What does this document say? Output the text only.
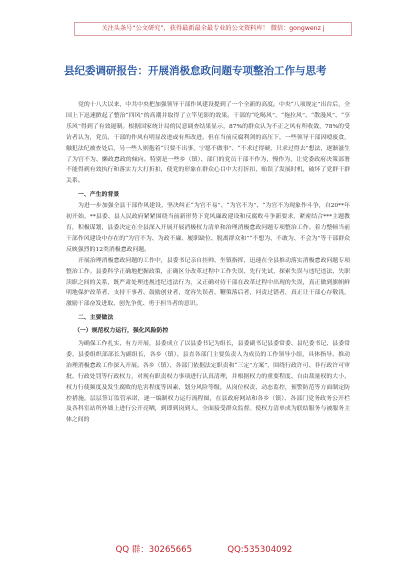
关注头条号“公文研究”，获得最新最全最专业的公文资料库！ 微信：gongwenz j
县纪委调研报告：开展消极怠政问题专项整治工作与思考

党的十八大以来，中共中央把加强领导干部作风建设提到了一个全新的高度。中央“八项规定”出台后，全国上下迅速掀起了整治“四风”的高潮并取得了立竿见影的效果。干部的“吃喝风”、“拖拉风”、“散漫风”、“享乐风”得到了有效遏制。根据国家统计局的民意调查结果显示，87%的群众认为不正之风有所收敛，78%的受访者认为，党员、干部的作风有明显改进或有所改进。但在当前反腐利剑的高压下，一些领导干部因噎废食，触犯法纪被查处后，另一些人则抱着“只要不出事，宁愿不做事”、“不求过得硬，只求过得去”想法，逐渐滋生了为官不为、懒政怠政的倾向。特别是一些乡（镇）、部门的党员干部不作为，慢作为，让党委政府决策部署不能得到有效执行和落实力大打折扣，使党的形象在群众心目中大打折扣，贻误了发展时机，破坏了党群干群关系。

一、产生的背景

为进一步加强全县干部作风建设，坚决纠正“为官不易”、“为官不为”、“为官不为现象作斗争，自20**年初开始，**县委、县人民政府紧紧围绕当前新形势下党风廉政建设和反腐败斗争新要求，紧密结合***主题教育，积极谋划，县委决定在全县深入开展开展消极权力清单和治理消极怠政问题专项整治工作。着力整顿当前干部作风建设中存在的“为官不为、为政不廉、履职缺位、脱离群众和”“不想为、不敢为、不会为”等干部群众反映强烈的12类消极怠政问题。

开展治理消极怠政问题的工作中，县委书记亲自挂帅、坐镇指挥，迅速在全县推动落实消极怠政问题专项整治工作。县委科学正确地把握政策，正确区分改革过程中工作失误、先行先试、探索失误与违纪违法、失职渎职之间的关系，既严肃处理违规违纪违法行为，又正确对待干部在改革过程中出现的失误，真正做到旗帜鲜明地保护改革者、支持干事者、鼓励创业者，宽容失误者、鞭策落后者，问责过错者，真正让干部心存敬畏，激励干部奋发进取、创先争优、勇于担当者的意识。

二、主要做法

（一）规范权力运行，强化风险防控

为确保工作扎实、有力开展，县委成立了以县委书记为组长，县委副书记县委常委、县纪委书记、县委常委、县委组织部部长为副组长，各乡（镇）、县直各部门主要负责人为成员的工作领导小组，具体指导、推动治理消极怠政工作深入开展。各乡（镇）、各部门依据法定职责和“三定”方案”，围绕行政许可、非行政许可审批、行政处罚等行政权力，对现有职责权力事项进行认真清理，并根据权力的重要程度、自由裁量权的大小、权力行使频度及发生腐败的危害程度等因素，划分风险等级，从岗位权责、动态监控，预警防范等方面制定防控措施，层层签订监管承诺，逐一编制权力运行流程图，在县政府网站和各乡（镇）、各部门党务政务公开栏及各科室站所外墙上进行公开亮晒，到即到岗到人，全面接受群众监督。使权力清单成为联结服务与被服务主体之间的

QQ 群：30265665	QQ:535304092
